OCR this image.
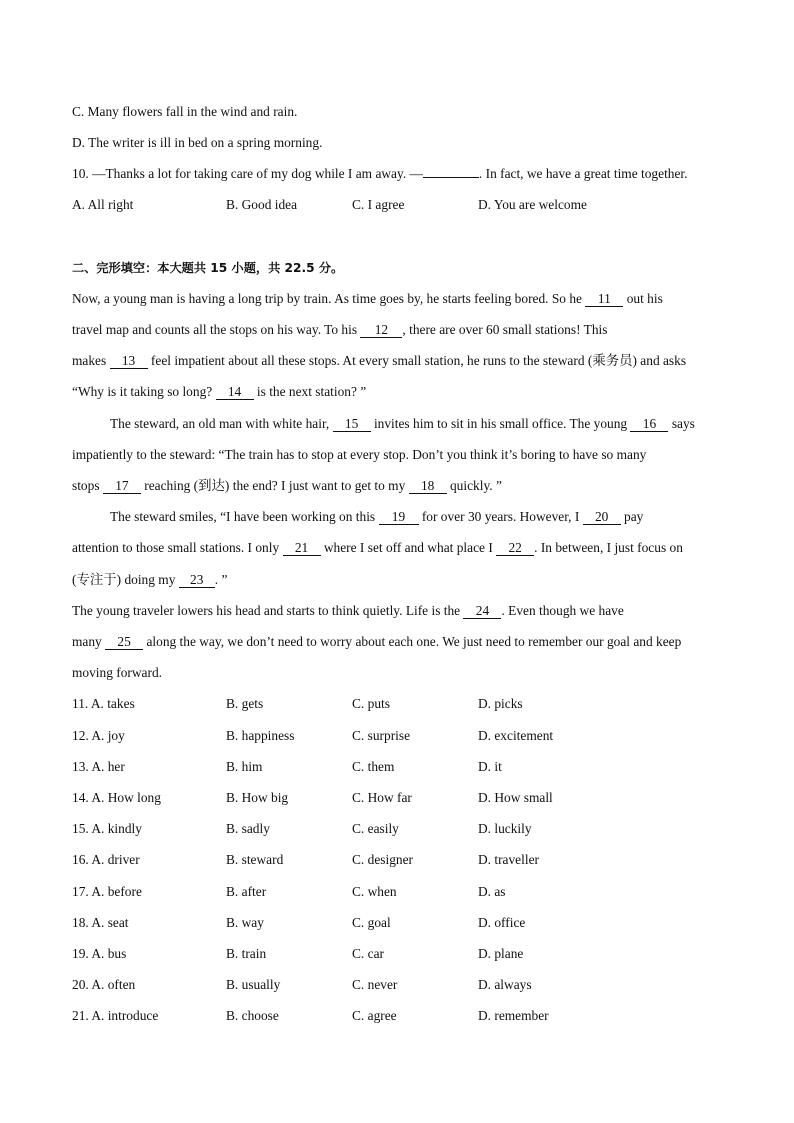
C. Many flowers fall in the wind and rain.
D. The writer is ill in bed on a spring morning.
10. —Thanks a lot for taking care of my dog while I am away. —	. In fact, we have a great time together.
A. All right	B. Good idea	C. I agree	D. You are welcome
二、完形填空：本大题共 15 小题，共 22.5 分。
Now, a young man is having a long trip by train. As time goes by, he starts feeling bored. So he 11 out his
travel map and counts all the stops on his way. To his 12 , there are over 60 small stations! This
makes 13 feel impatient about all these stops. At every small station, he runs to the steward (乘务员) and asks
“Why is it taking so long? 14 is the next station? ”
The steward, an old man with white hair, 15 invites him to sit in his small office. The young 16 says
impatiently to the steward: “The train has to stop at every stop. Don’t you think it’s boring to have so many
stops 17 reaching (到达) the end? I just want to get to my 18 quickly. ”
The steward smiles, “I have been working on this 19 for over 30 years. However, I 20 pay
attention to those small stations. I only 21 where I set off and what place I 22 . In between, I just focus on
(专注于) doing my 23 . ”
The young traveler lowers his head and starts to think quietly. Life is the 24 . Even though we have
many 25 along the way, we don’t need to worry about each one. We just need to remember our goal and keep
moving forward.
11. A. takes	B. gets	C. puts	D. picks
12. A. joy	B. happiness	C. surprise	D. excitement
13. A. her	B. him	C. them	D. it
14. A. How long	B. How big	C. How far	D. How small
15. A. kindly	B. sadly	C. easily	D. luckily
16. A. driver	B. steward	C. designer	D. traveller
17. A. before	B. after	C. when	D. as
18. A. seat	B. way	C. goal	D. office
19. A. bus	B. train	C. car	D. plane
20. A. often	B. usually	C. never	D. always
21. A. introduce	B. choose	C. agree	D. remember
